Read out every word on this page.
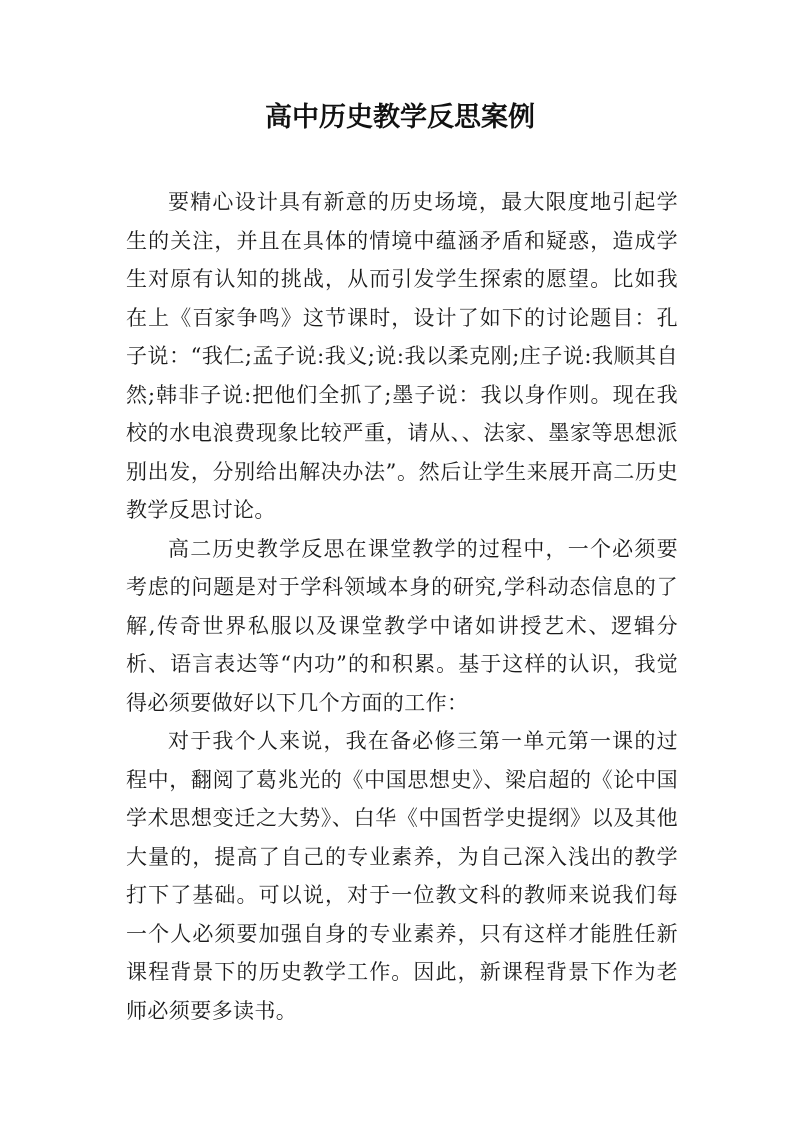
高中历史教学反思案例

要精心设计具有新意的历史场境，最大限度地引起学生的关注，并且在具体的情境中蕴涵矛盾和疑惑，造成学生对原有认知的挑战，从而引发学生探索的愿望。比如我在上《百家争鸣》这节课时，设计了如下的讨论题目：孔子说：“我仁;孟子说:我义;说:我以柔克刚;庄子说:我顺其自然;韩非子说:把他们全抓了;墨子说：我以身作则。现在我校的水电浪费现象比较严重，请从、、法家、墨家等思想派别出发，分别给出解决办法”。然后让学生来展开高二历史教学反思讨论。

高二历史教学反思在课堂教学的过程中，一个必须要考虑的问题是对于学科领域本身的研究,学科动态信息的了解,传奇世界私服以及课堂教学中诸如讲授艺术、逻辑分析、语言表达等“内功”的和积累。基于这样的认识，我觉得必须要做好以下几个方面的工作：

对于我个人来说，我在备必修三第一单元第一课的过程中，翻阅了葛兆光的《中国思想史》、梁启超的《论中国学术思想变迁之大势》、白华《中国哲学史提纲》以及其他大量的，提高了自己的专业素养，为自己深入浅出的教学打下了基础。可以说，对于一位教文科的教师来说我们每一个人必须要加强自身的专业素养，只有这样才能胜任新课程背景下的历史教学工作。因此，新课程背景下作为老师必须要多读书。
